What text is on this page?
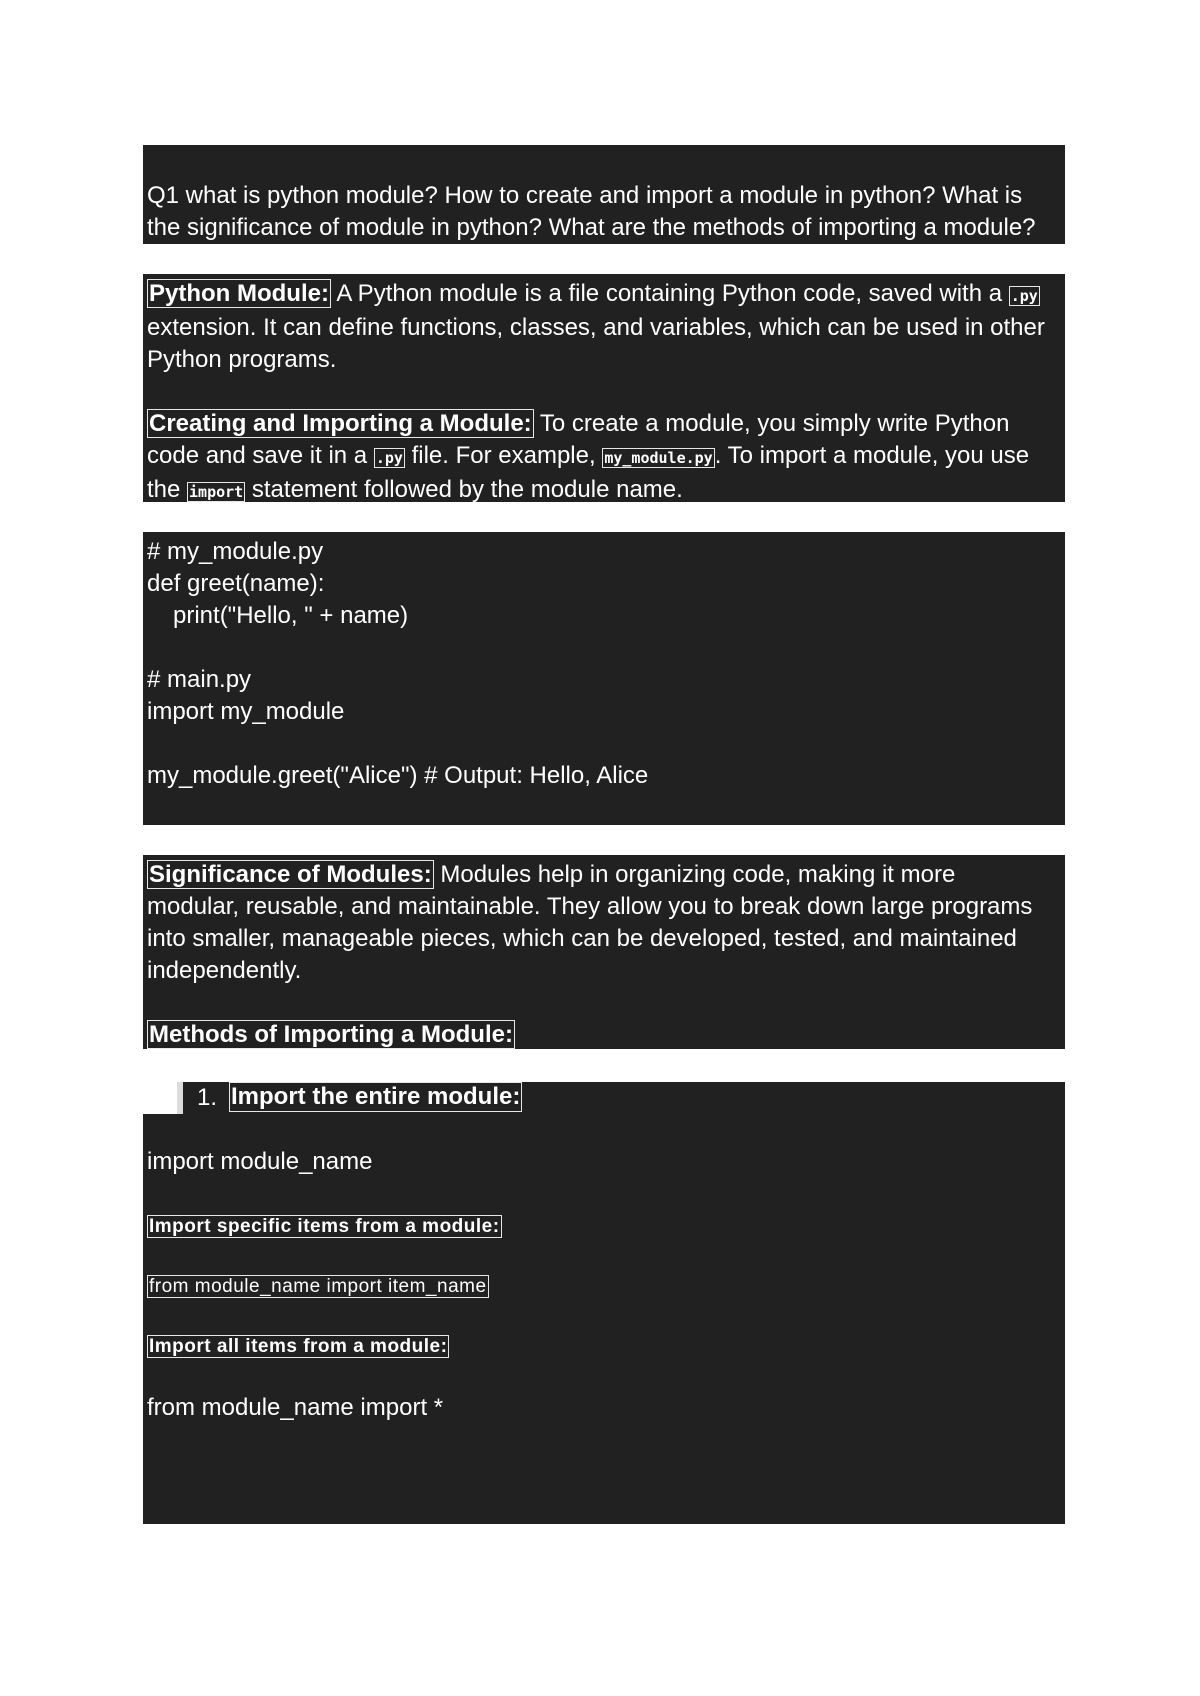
Q1 what is python module? How to create and import a module in python? What is
the significance of module in python? What are the methods of importing a module?
Python Module: A Python module is a file containing Python code, saved with a .py
extension. It can define functions, classes, and variables, which can be used in other
Python programs.
Creating and Importing a Module: To create a module, you simply write Python
code and save it in a .py file. For example, my_module.py. To import a module, you use
the import statement followed by the module name.
# my_module.py
def greet(name):
print("Hello, " + name)
# main.py
import my_module
my_module.greet("Alice") # Output: Hello, Alice
Significance of Modules: Modules help in organizing code, making it more
modular, reusable, and maintainable. They allow you to break down large programs
into smaller, manageable pieces, which can be developed, tested, and maintained
independently.
Methods of Importing a Module:
1. Import the entire module:
import module_name
Import specific items from a module:
from module_name import item_name
Import all items from a module:
from module_name import *
